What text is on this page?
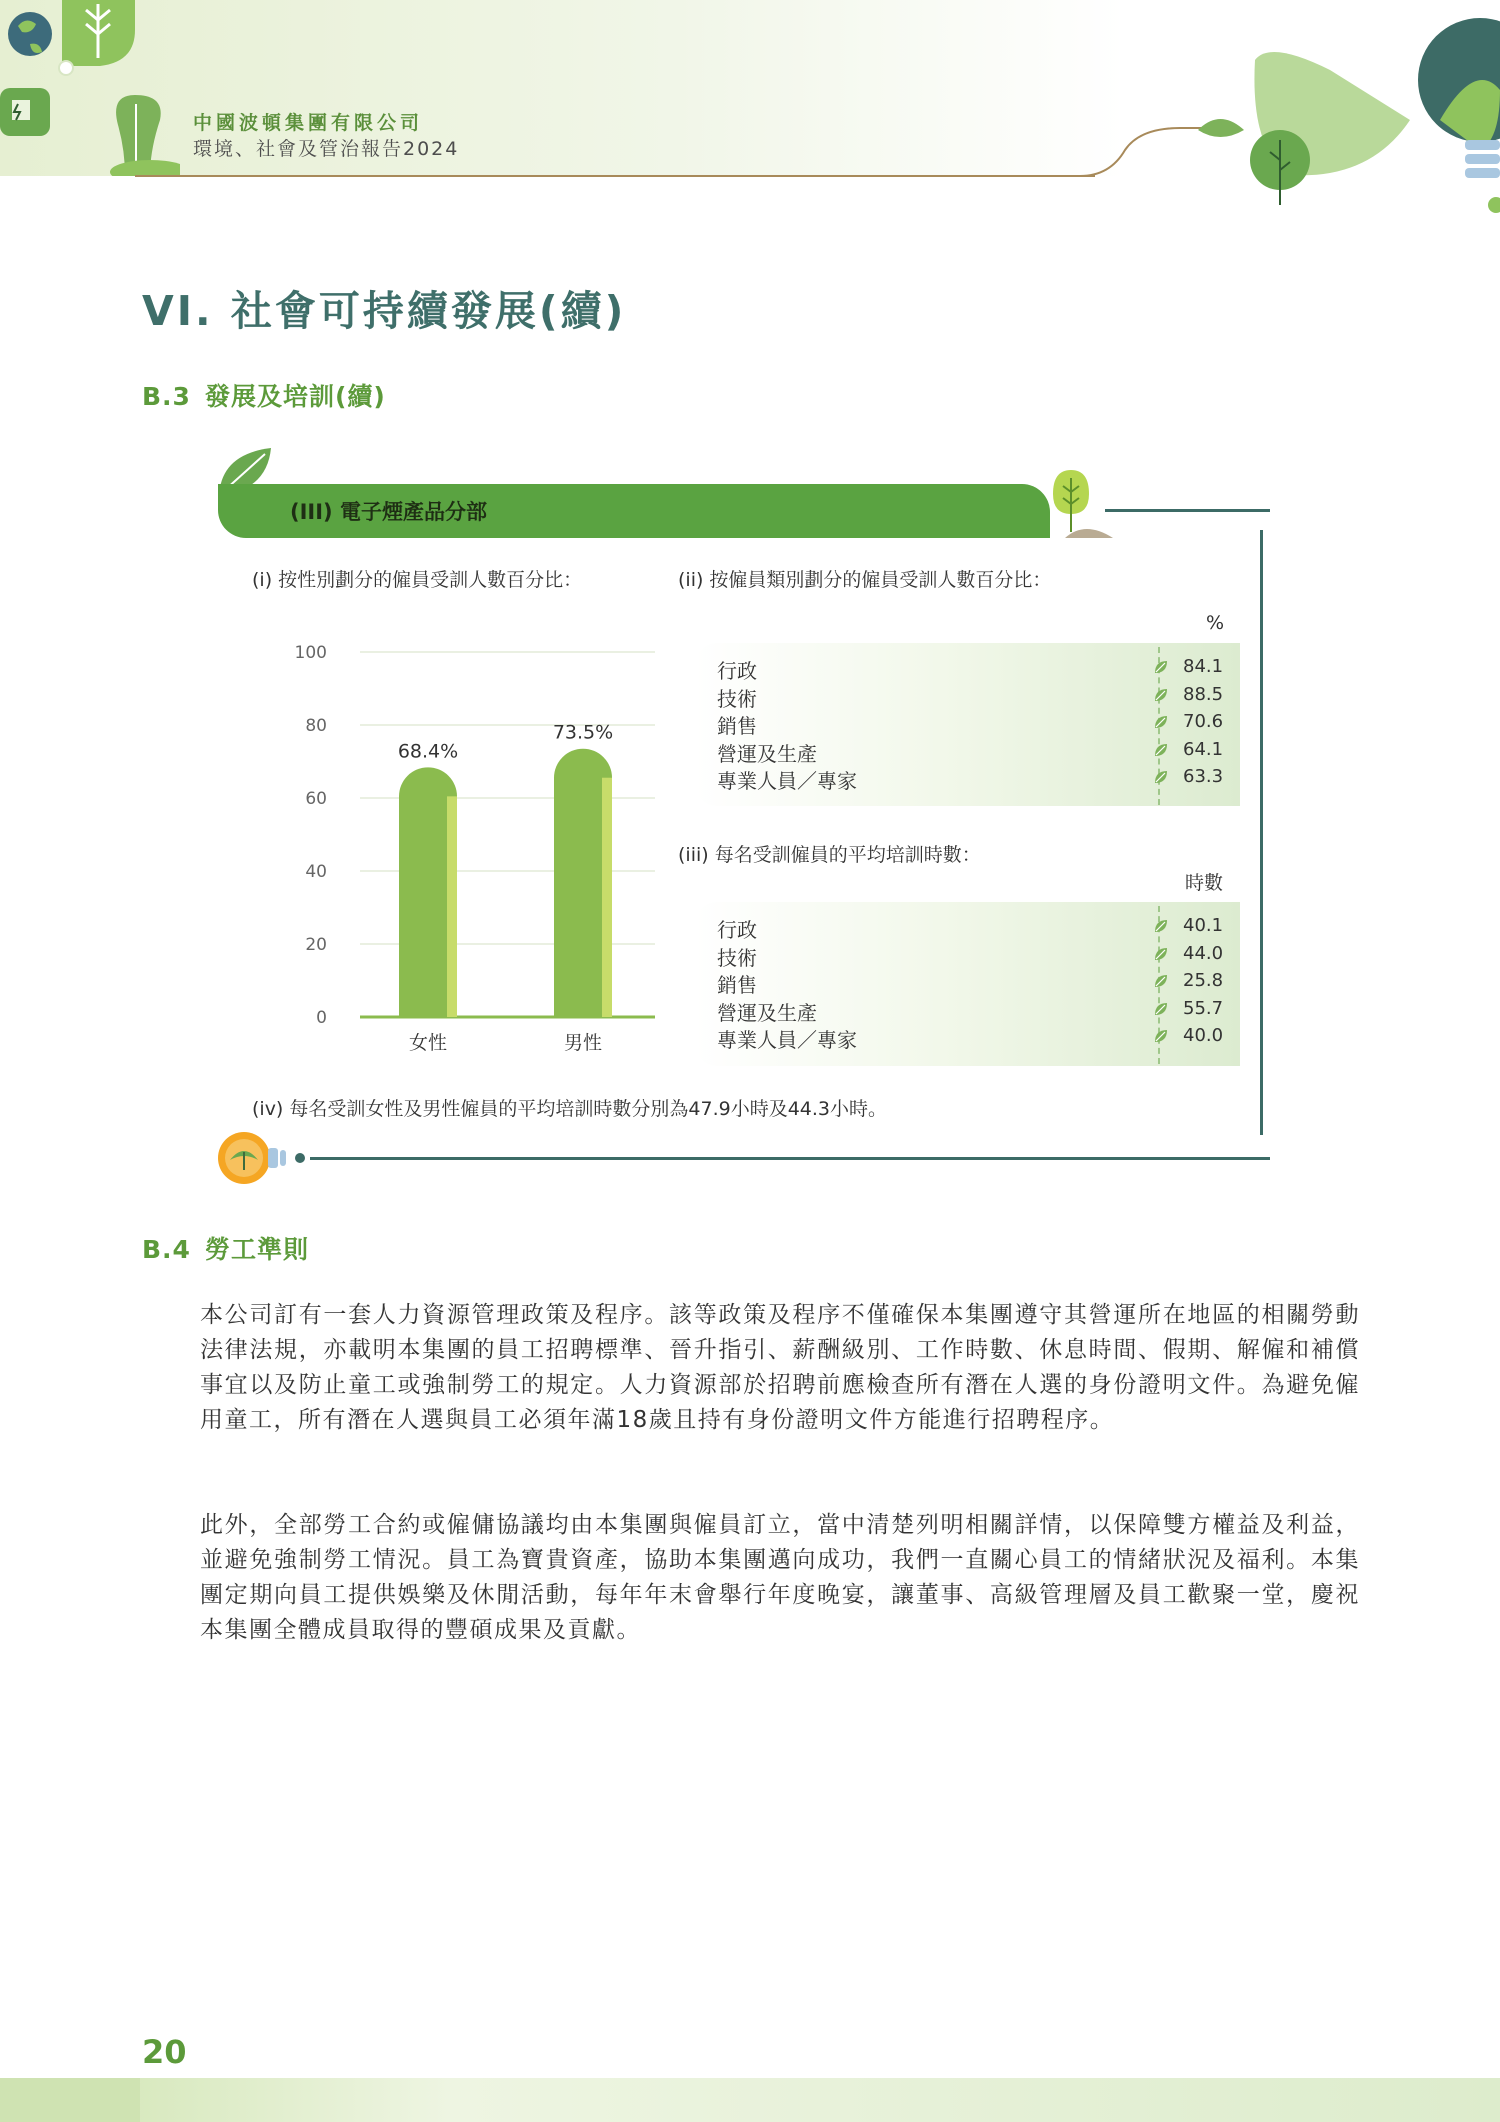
中國波頓集團有限公司
環境、社會及管治報告2024
VI. 社會可持續發展(續)
B.3 發展及培訓(續)
(III) 電子煙產品分部
(i) 按性別劃分的僱員受訓人數百分比：	(ii) 按僱員類別劃分的僱員受訓人數百分比：
100
80
60
40
20
0
68.4%
女性
73.5%
男性
%
行政	84.1
技術	88.5
銷售	70.6
營運及生產	64.1
專業人員／專家	63.3
(iii) 每名受訓僱員的平均培訓時數：
時數
行政	40.1
技術	44.0
銷售	25.8
營運及生產	55.7
專業人員／專家	40.0
(iv) 每名受訓女性及男性僱員的平均培訓時數分別為47.9小時及44.3小時。
B.4 勞工準則
本公司訂有一套人力資源管理政策及程序。該等政策及程序不僅確保本集團遵守其營運所在地區的相關勞動法律法規，亦載明本集團的員工招聘標準、晉升指引、薪酬級別、工作時數、休息時間、假期、解僱和補償事宜以及防止童工或強制勞工的規定。人力資源部於招聘前應檢查所有潛在人選的身份證明文件。為避免僱用童工，所有潛在人選與員工必須年滿18歲且持有身份證明文件方能進行招聘程序。
此外，全部勞工合約或僱傭協議均由本集團與僱員訂立，當中清楚列明相關詳情，以保障雙方權益及利益，並避免強制勞工情況。員工為寶貴資產，協助本集團邁向成功，我們一直關心員工的情緒狀況及福利。本集團定期向員工提供娛樂及休閒活動，每年年末會舉行年度晚宴，讓董事、高級管理層及員工歡聚一堂，慶祝本集團全體成員取得的豐碩成果及貢獻。
20
